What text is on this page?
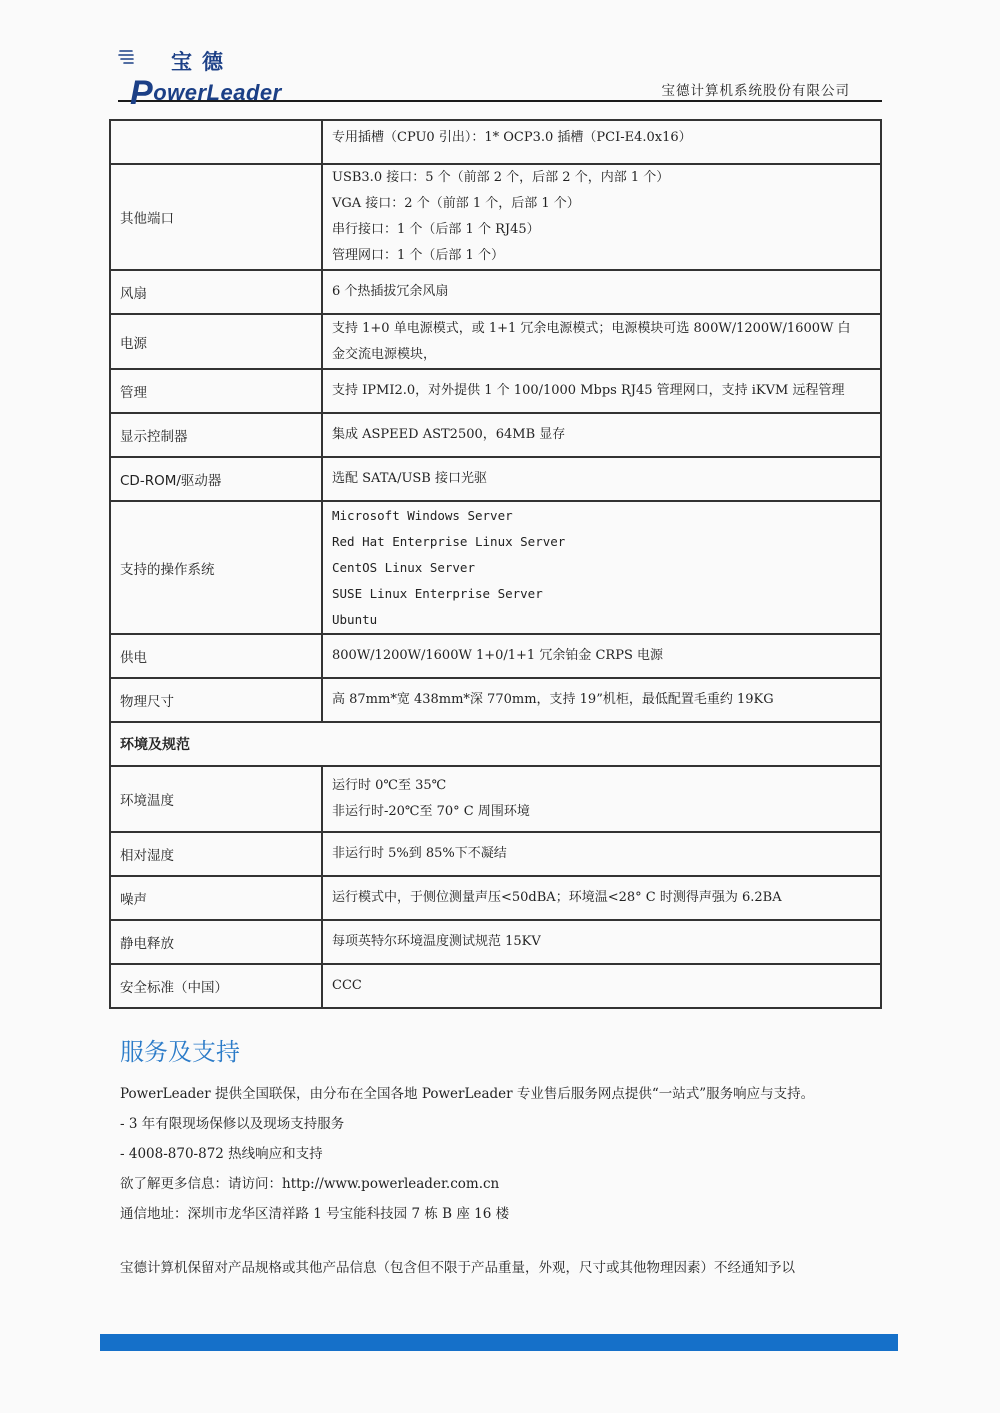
宝德
PowerLeader	宝德计算机系统股份有限公司

	专用插槽（CPU0 引出）：1* OCP3.0 插槽（PCI-E4.0x16）

其他端口	USB3.0 接口：5 个（前部 2 个，后部 2 个，内部 1 个）
VGA 接口：2 个（前部 1 个，后部 1 个）
串行接口：1 个（后部 1 个 RJ45）
管理网口：1 个（后部 1 个）

风扇	6 个热插拔冗余风扇

电源	支持 1+0 单电源模式，或 1+1 冗余电源模式；电源模块可选 800W/1200W/1600W 白
金交流电源模块，

管理	支持 IPMI2.0，对外提供 1 个 100/1000 Mbps RJ45 管理网口，支持 iKVM 远程管理

显示控制器	集成 ASPEED AST2500，64MB 显存

CD-ROM/驱动器	选配 SATA/USB 接口光驱

支持的操作系统	Microsoft Windows Server
Red Hat Enterprise Linux Server
CentOS Linux Server
SUSE Linux Enterprise Server
Ubuntu

供电	800W/1200W/1600W 1+0/1+1 冗余铂金 CRPS 电源

物理尺寸	高 87mm*宽 438mm*深 770mm，支持 19”机柜，最低配置毛重约 19KG

环境及规范	
环境温度	运行时 0℃至 35℃
非运行时-20℃至 70° C 周围环境

相对湿度	非运行时 5%到 85%下不凝结

噪声	运行模式中，于侧位测量声压<50dBA；环境温<28° C 时测得声强为 6.2BA

静电释放	每项英特尔环境温度测试规范 15KV

安全标准（中国）	CCC
服务及支持

PowerLeader 提供全国联保，由分布在全国各地 PowerLeader 专业售后服务网点提供“一站式”服务响应与支持。

- 3 年有限现场保修以及现场支持服务

- 4008-870-872 热线响应和支持

欲了解更多信息：请访问：http://www.powerleader.com.cn

通信地址：深圳市龙华区清祥路 1 号宝能科技园 7 栋 B 座 16 楼

宝德计算机保留对产品规格或其他产品信息（包含但不限于产品重量，外观，尺寸或其他物理因素）不经通知予以
